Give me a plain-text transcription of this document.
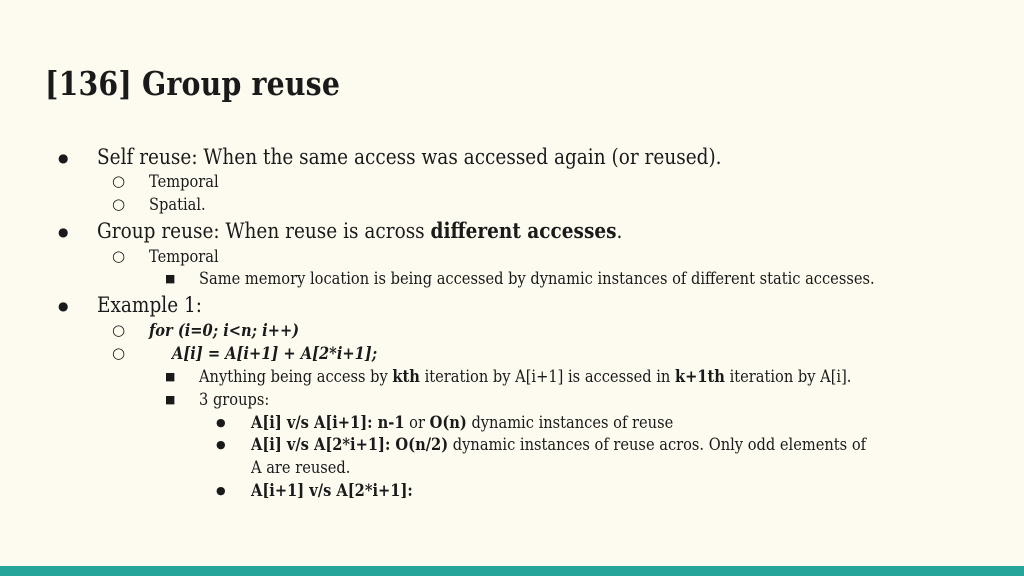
[136] Group reuse
● Self reuse: When the same access was accessed again (or reused).
○ Temporal
○ Spatial.
● Group reuse: When reuse is across different accesses.
○ Temporal
■ Same memory location is being accessed by dynamic instances of different static accesses.
● Example 1:
○ for (i=0; i<n; i++)
○	A[i] = A[i+1] + A[2*i+1];
■ Anything being access by kth iteration by A[i+1] is accessed in k+1th iteration by A[i].
■ 3 groups:
● A[i] v/s A[i+1]: n-1 or O(n) dynamic instances of reuse
● A[i] v/s A[2*i+1]: O(n/2) dynamic instances of reuse acros. Only odd elements of
A are reused.
● A[i+1] v/s A[2*i+1]:
